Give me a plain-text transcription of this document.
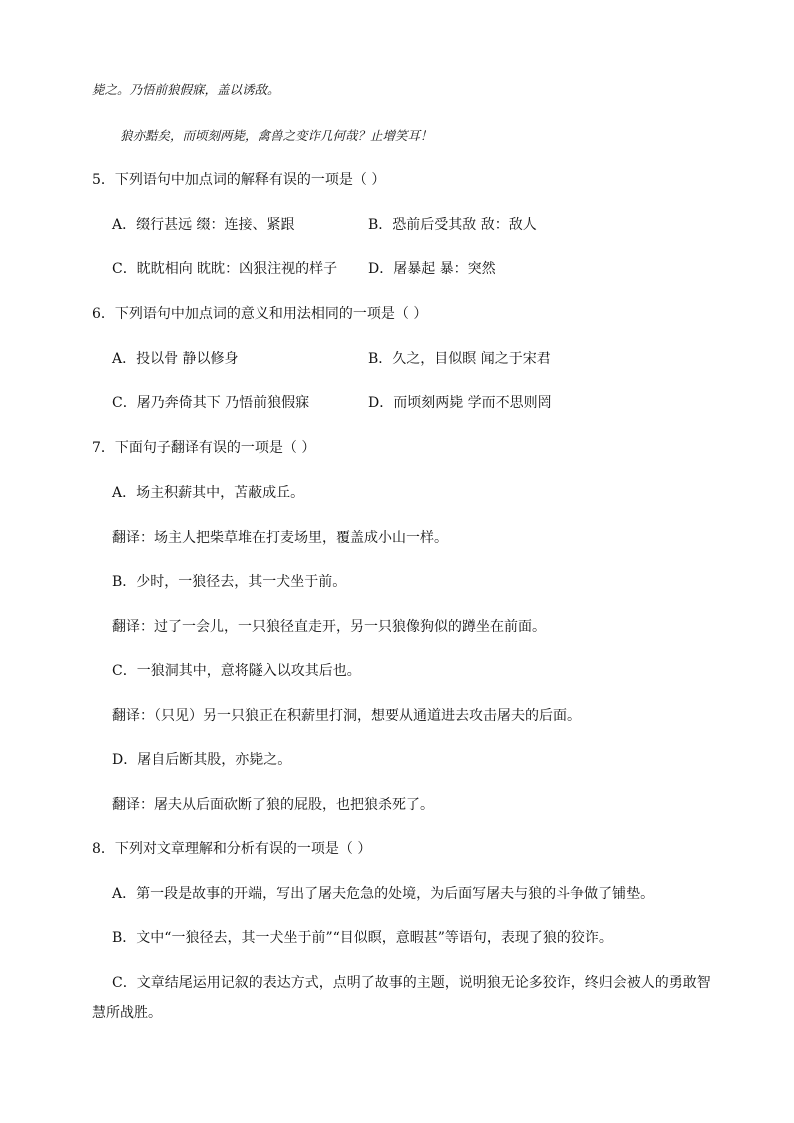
毙之。乃悟前狼假寐，盖以诱敌。
狼亦黠矣，而顷刻两毙，禽兽之变诈几何哉？止增笑耳！
5．下列语句中加点词的解释有误的一项是（ ）
A．缀行甚远 缀：连接、紧跟	B．恐前后受其敌 敌：敌人
C．眈眈相向 眈眈：凶狠注视的样子 D．屠暴起 暴：突然
6．下列语句中加点词的意义和用法相同的一项是（ ）
A．投以骨 静以修身	B．久之，目似瞑 闻之于宋君
C．屠乃奔倚其下 乃悟前狼假寐	D．而顷刻两毙 学而不思则罔
7．下面句子翻译有误的一项是（ ）
A．场主积薪其中，苫蔽成丘。
翻译：场主人把柴草堆在打麦场里，覆盖成小山一样。
B．少时，一狼径去，其一犬坐于前。
翻译：过了一会儿，一只狼径直走开，另一只狼像狗似的蹲坐在前面。
C．一狼洞其中，意将隧入以攻其后也。
翻译：（只见）另一只狼正在积薪里打洞，想要从通道进去攻击屠夫的后面。
D．屠自后断其股，亦毙之。
翻译：屠夫从后面砍断了狼的屁股，也把狼杀死了。
8．下列对文章理解和分析有误的一项是（ ）
A．第一段是故事的开端，写出了屠夫危急的处境，为后面写屠夫与狼的斗争做了铺垫。
B．文中“一狼径去，其一犬坐于前”“目似瞑，意暇甚”等语句，表现了狼的狡诈。
C．文章结尾运用记叙的表达方式，点明了故事的主题，说明狼无论多狡诈，终归会被人的勇敢智
慧所战胜。
